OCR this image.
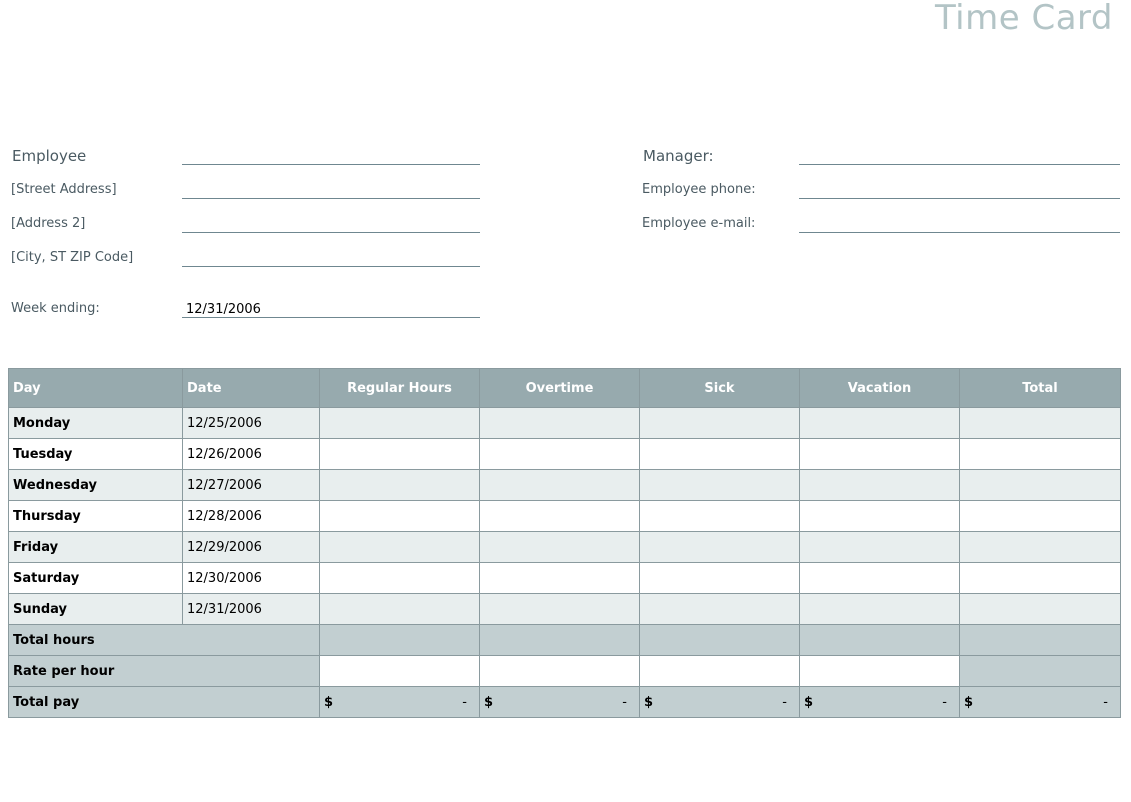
Time Card
Employee
[Street Address]
[Address 2]
[City, ST ZIP Code]
Week ending:	12/31/2006
Manager:
Employee phone:
Employee e-mail:
Day	Date	Regular Hours	Overtime	Sick	Vacation	Total
Monday	12/25/2006					
Tuesday	12/26/2006					
Wednesday	12/27/2006					
Thursday	12/28/2006					
Friday	12/29/2006					
Saturday	12/30/2006					
Sunday	12/31/2006					
Total hours						
Rate per hour						
Total pay		$ -	$ -	$ -	$ -	$ -
